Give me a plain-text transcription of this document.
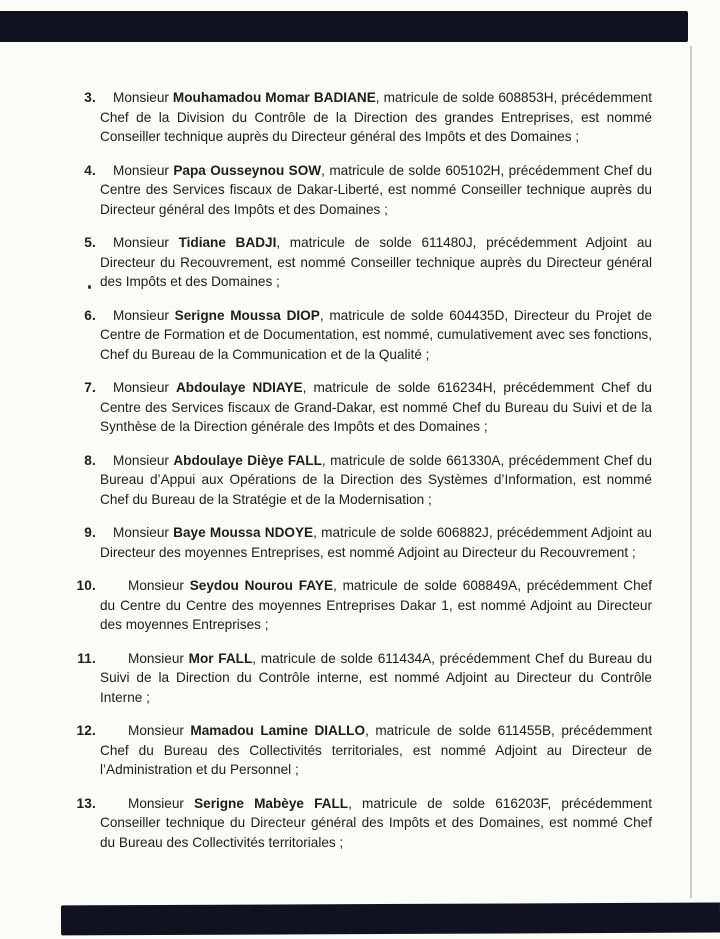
3. Monsieur Mouhamadou Momar BADIANE, matricule de solde 608853H, précédemment Chef de la Division du Contrôle de la Direction des grandes Entreprises, est nommé Conseiller technique auprès du Directeur général des Impôts et des Domaines ;

4. Monsieur Papa Ousseynou SOW, matricule de solde 605102H, précédemment Chef du Centre des Services fiscaux de Dakar-Liberté, est nommé Conseiller technique auprès du Directeur général des Impôts et des Domaines ;

5. Monsieur Tidiane BADJI, matricule de solde 611480J, précédemment Adjoint au Directeur du Recouvrement, est nommé Conseiller technique auprès du Directeur général des Impôts et des Domaines ;

6. Monsieur Serigne Moussa DIOP, matricule de solde 604435D, Directeur du Projet de Centre de Formation et de Documentation, est nommé, cumulativement avec ses fonctions, Chef du Bureau de la Communication et de la Qualité ;

7. Monsieur Abdoulaye NDIAYE, matricule de solde 616234H, précédemment Chef du Centre des Services fiscaux de Grand-Dakar, est nommé Chef du Bureau du Suivi et de la Synthèse de la Direction générale des Impôts et des Domaines ;

8. Monsieur Abdoulaye Dièye FALL, matricule de solde 661330A, précédemment Chef du Bureau d’Appui aux Opérations de la Direction des Systèmes d’Information, est nommé Chef du Bureau de la Stratégie et de la Modernisation ;

9. Monsieur Baye Moussa NDOYE, matricule de solde 606882J, précédemment Adjoint au Directeur des moyennes Entreprises, est nommé Adjoint au Directeur du Recouvrement ;

10. Monsieur Seydou Nourou FAYE, matricule de solde 608849A, précédemment Chef du Centre du Centre des moyennes Entreprises Dakar 1, est nommé Adjoint au Directeur des moyennes Entreprises ;

11. Monsieur Mor FALL, matricule de solde 611434A, précédemment Chef du Bureau du Suivi de la Direction du Contrôle interne, est nommé Adjoint au Directeur du Contrôle Interne ;

12. Monsieur Mamadou Lamine DIALLO, matricule de solde 611455B, précédemment Chef du Bureau des Collectivités territoriales, est nommé Adjoint au Directeur de l’Administration et du Personnel ;

13. Monsieur Serigne Mabèye FALL, matricule de solde 616203F, précédemment Conseiller technique du Directeur général des Impôts et des Domaines, est nommé Chef du Bureau des Collectivités territoriales ;
